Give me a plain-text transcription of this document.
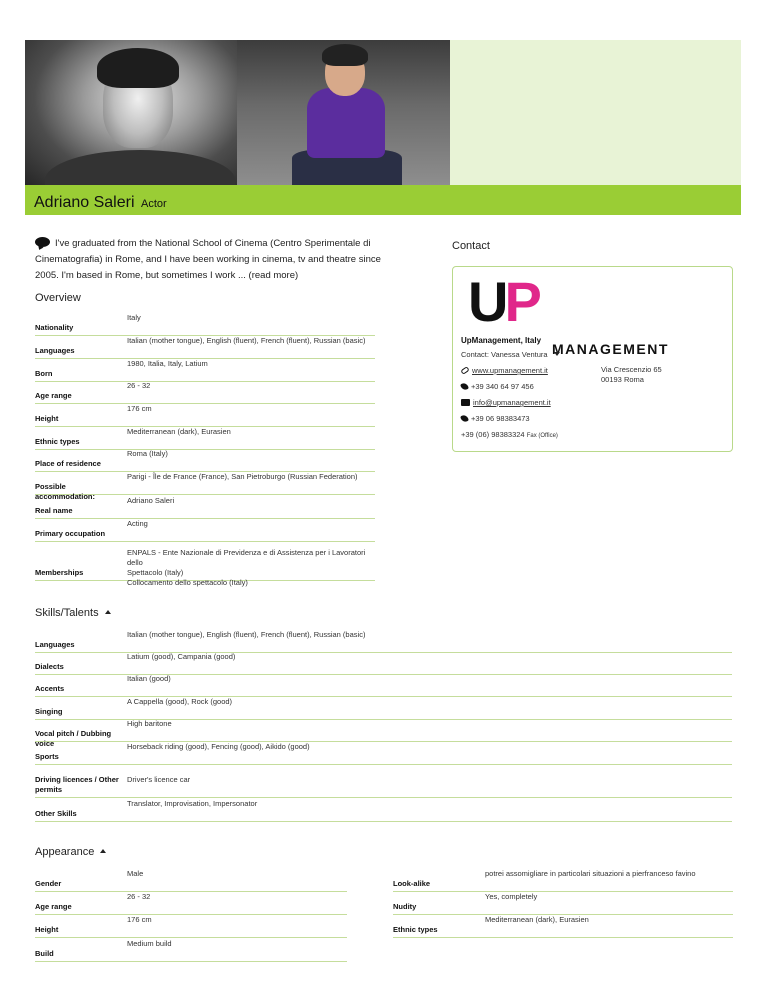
Adriano Saleri Actor
I've graduated from the National School of Cinema (Centro Sperimentale di Cinematografia) in Rome, and I have been working in cinema, tv and theatre since 2005. I'm based in Rome, but sometimes I work ... (read more)
Overview
Nationality
Italy
Languages
Italian (mother tongue), English (fluent), French (fluent), Russian (basic)
Born
1980, Italia, Italy, Latium
Age range
26 - 32
Height
176 cm
Ethnic types
Mediterranean (dark), Eurasien
Place of residence
Roma (Italy)
Possible accommodation:
Parigi - Île de France (France), San Pietroburgo (Russian Federation)
Real name
Adriano Saleri
Primary occupation
Acting
Memberships
ENPALS - Ente Nazionale di Previdenza e di Assistenza per i Lavoratori dello
Spettacolo (Italy)
Collocamento dello spettacolo (Italy)
Skills/Talents
Languages
Italian (mother tongue), English (fluent), French (fluent), Russian (basic)
Dialects
Latium (good), Campania (good)
Accents
Italian (good)
Singing
A Cappella (good), Rock (good)
Vocal pitch / Dubbing voice
High baritone
Sports
Horseback riding (good), Fencing (good), Aikido (good)
Driving licences / Other
permits
Driver's licence car
Other Skills
Translator, Improvisation, Impersonator
Appearance
Gender
Male
Age range
26 - 32
Height
176 cm
Build
Medium build
Look-alike
potrei assomigliare in particolari situazioni a pierfranceso favino
Nudity
Yes, completely
Ethnic types
Mediterranean (dark), Eurasien
Contact
UP
MANAGEMENT
UpManagement, Italy
Contact: Vanessa Ventura
www.upmanagement.it
+39 340 64 97 456
info@upmanagement.it
+39 06 98383473
+39 (06) 98383324 Fax (Office)
Via Crescenzio 65
00193 Roma
